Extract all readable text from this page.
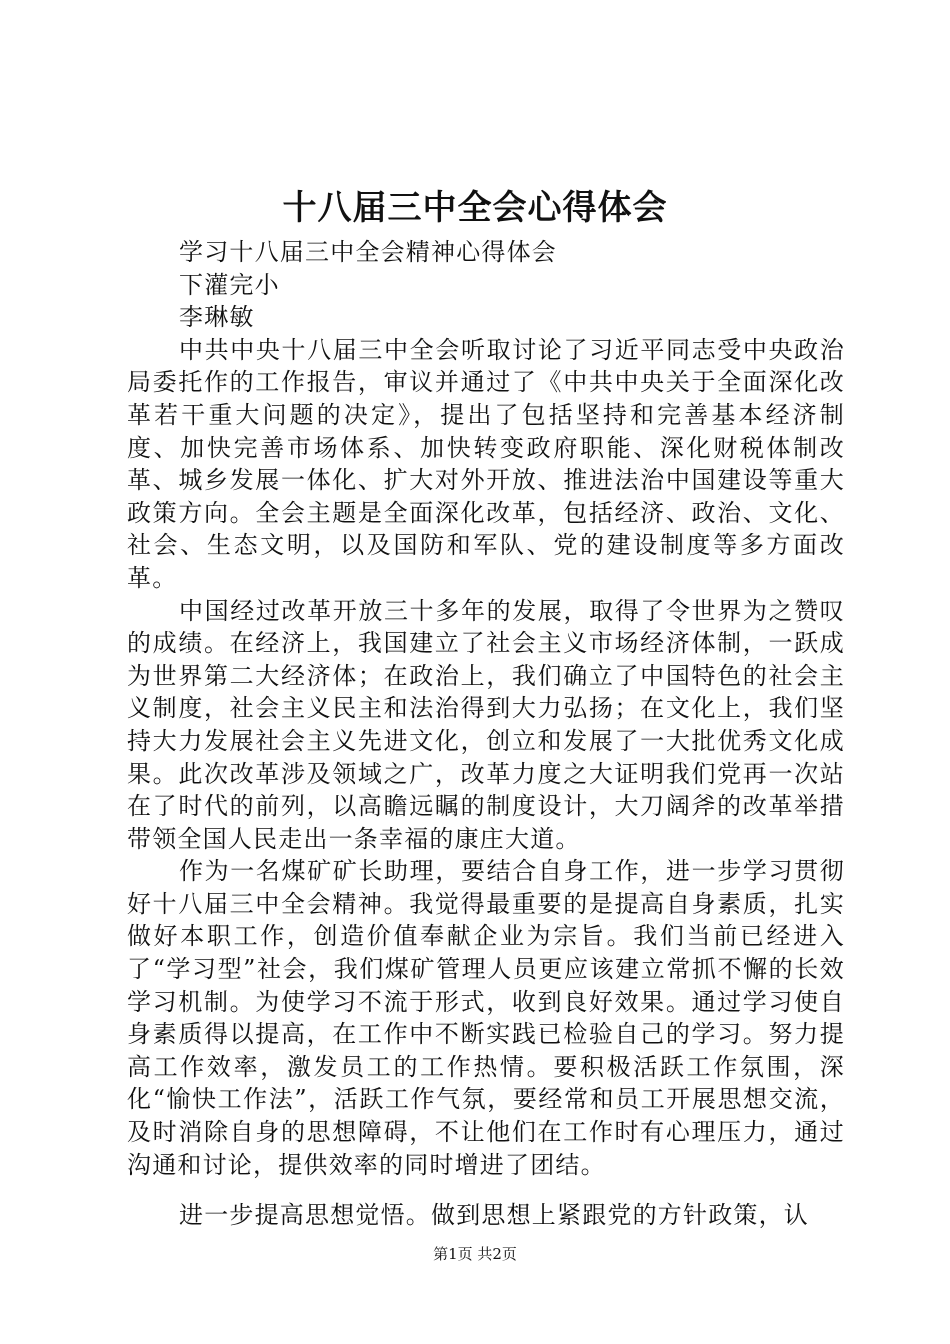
十八届三中全会心得体会

学习十八届三中全会精神心得体会

下灌完小

李琳敏

中共中央十八届三中全会听取讨论了习近平同志受中央政治局委托作的工作报告，审议并通过了《中共中央关于全面深化改革若干重大问题的决定》，提出了包括坚持和完善基本经济制度、加快完善市场体系、加快转变政府职能、深化财税体制改革、城乡发展一体化、扩大对外开放、推进法治中国建设等重大政策方向。全会主题是全面深化改革，包括经济、政治、文化、社会、生态文明，以及国防和军队、党的建设制度等多方面改革。

中国经过改革开放三十多年的发展，取得了令世界为之赞叹的成绩。在经济上，我国建立了社会主义市场经济体制，一跃成为世界第二大经济体；在政治上，我们确立了中国特色的社会主义制度，社会主义民主和法治得到大力弘扬；在文化上，我们坚持大力发展社会主义先进文化，创立和发展了一大批优秀文化成果。此次改革涉及领域之广，改革力度之大证明我们党再一次站在了时代的前列，以高瞻远瞩的制度设计，大刀阔斧的改革举措带领全国人民走出一条幸福的康庄大道。

作为一名煤矿矿长助理，要结合自身工作，进一步学习贯彻好十八届三中全会精神。我觉得最重要的是提高自身素质，扎实做好本职工作，创造价值奉献企业为宗旨。我们当前已经进入了“学习型”社会，我们煤矿管理人员更应该建立常抓不懈的长效学习机制。为使学习不流于形式，收到良好效果。通过学习使自身素质得以提高，在工作中不断实践已检验自己的学习。努力提高工作效率，激发员工的工作热情。要积极活跃工作氛围，深化“愉快工作法”，活跃工作气氛，要经常和员工开展思想交流，及时消除自身的思想障碍，不让他们在工作时有心理压力，通过沟通和讨论，提供效率的同时增进了团结。

进一步提高思想觉悟。做到思想上紧跟党的方针政策，认

第1页 共2页
